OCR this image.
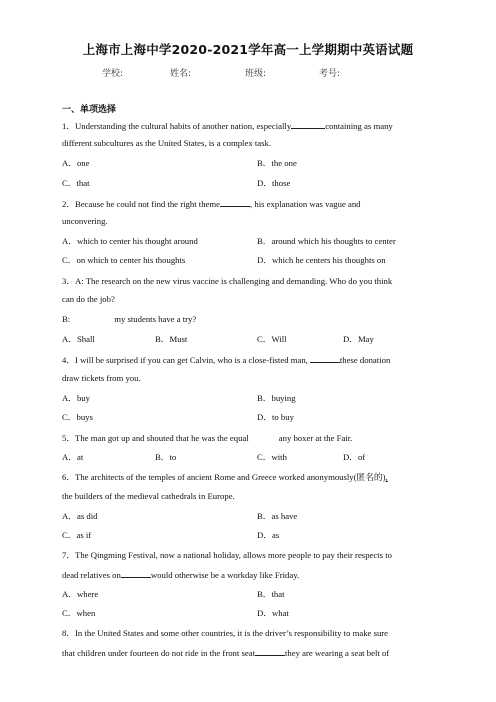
上海市上海中学2020-2021学年高一上学期期中英语试题
学校:	姓名:	班级:	考号:
一、单项选择
1．Understanding the cultural habits of another nation, especially	containing as many
different subcultures as the United States, is a complex task.
A．one	B．the one
C．that	D．those
2．Because he could not find the right theme	, his explanation was vague and
unconvering.
A．which to center his thought around	B．around which his thoughts to center
C．on which to center his thoughts	D．which he centers his thoughts on
3．A: The research on the new virus vaccine is challenging and demanding. Who do you think
can do the job?
B:	my students have a try?
A．Shall	B．Must	C．Will	D．May
4．I will be surprised if you can get Calvin, who is a close-fisted man,	these donation
draw tickets from you.
A．buy	B．buying
C．buys	D．to buy
5．The man got up and shouted that he was the equal	any boxer at the Fair.
A．at	B．to	C．with	D．of
6．The architects of the temples of ancient Rome and Greece worked anonymously(匿名的),
the builders of the medieval cathedrals in Europe.
A．as did	B．as have
C．as if	D．as
7．The Qingming Festival, now a national holiday, allows more people to pay their respects to
dead relatives on	would otherwise be a workday like Friday.
A．where	B．that
C．when	D．what
8．In the United States and some other countries, it is the driver’s responsibility to make sure
that children under fourteen do not ride in the front seat	they are wearing a seat belt of
